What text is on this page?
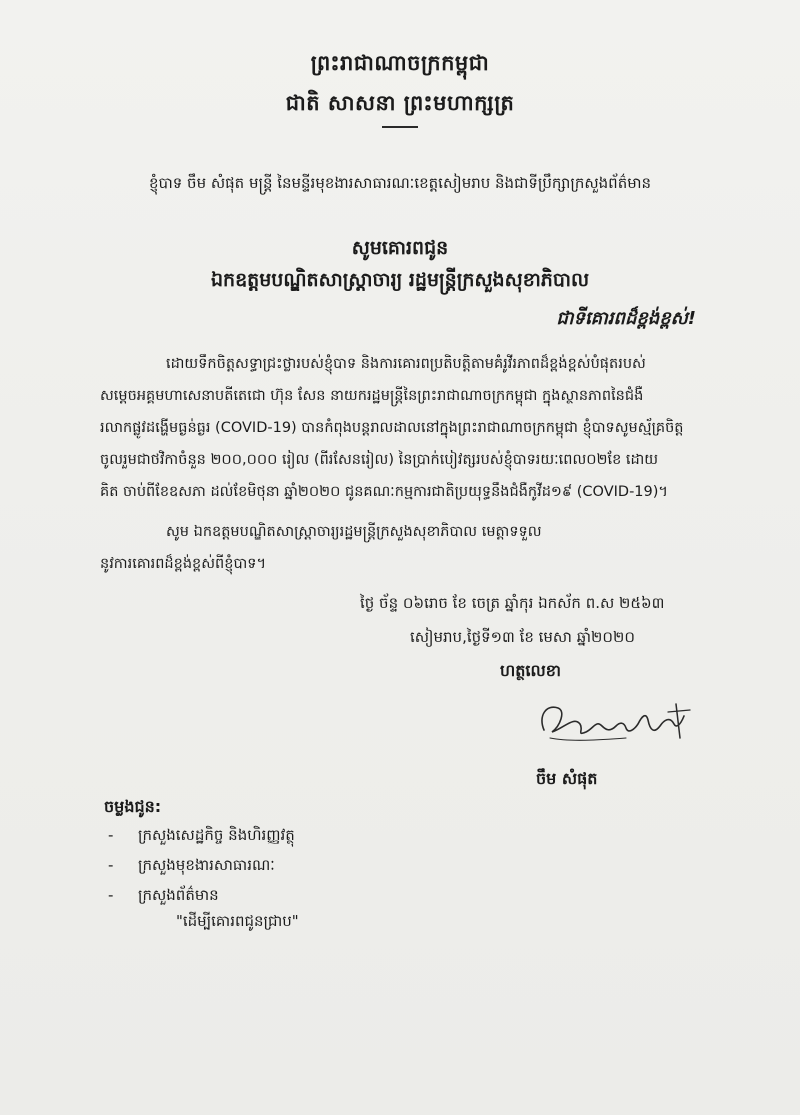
ព្រះរាជាណាចក្រកម្ពុជា
ជាតិ សាសនា ព្រះមហាក្សត្រ
ខ្ញុំបាទ ចឹម សំផុត មន្ត្រី នៃមន្ទីរមុខងារសាធារណៈខេត្តសៀមរាប និងជាទីប្រឹក្សាក្រសួងព័ត៌មាន
សូមគោរពជូន
ឯកឧត្តមបណ្ឌិតសាស្ត្រាចារ្យ រដ្ឋមន្ត្រីក្រសួងសុខាភិបាល
ជាទីគោរពដ៏ខ្ពង់ខ្ពស់!
ដោយទឹកចិត្តសទ្ធាជ្រះថ្លារបស់ខ្ញុំបាទ និងការគោរពប្រតិបត្តិតាមគំរូវីរភាពដ៏ខ្ពង់ខ្ពស់បំផុតរបស់
សម្តេចអគ្គមហាសេនាបតីតេជោ ហ៊ុន សែន នាយករដ្ឋមន្ត្រីនៃព្រះរាជាណាចក្រកម្ពុជា ក្នុងស្ថានភាពនៃជំងឺ
រលាកផ្លូវដង្ហើមធ្ងន់ធ្ងរ (COVID-19) បានកំពុងបន្តរាលដាលនៅក្នុងព្រះរាជាណាចក្រកម្ពុជា ខ្ញុំបាទសូមស្ម័គ្រចិត្ត
ចូលរួមជាថវិកាចំនួន ២០០,០០០ រៀល (ពីរសែនរៀល) នៃប្រាក់បៀវត្សរបស់ខ្ញុំបាទរយៈពេល០២ខែ ដោយ
គិត ចាប់ពីខែឧសភា ដល់ខែមិថុនា ឆ្នាំ២០២០ ជូនគណៈកម្មការជាតិប្រយុទ្ធនឹងជំងឺកូវីដ១៩ (COVID-19)។
សូម ឯកឧត្តមបណ្ឌិតសាស្ត្រាចារ្យរដ្ឋមន្ត្រីក្រសួងសុខាភិបាល មេត្តាទទួល
នូវការគោរពដ៏ខ្ពង់ខ្ពស់ពីខ្ញុំបាទ។
ថ្ងៃ ច័ន្ទ ០៦រោច ខែ ចេត្រ ឆ្នាំកុរ ឯកស័ក ព.ស ២៥៦៣
សៀមរាប,ថ្ងៃទី១៣ ខែ មេសា ឆ្នាំ២០២០
ហត្ថលេខា
ចឹម សំផុត
ចម្លងជូន:
- ក្រសួងសេដ្ឋកិច្ច និងហិរញ្ញវត្ថុ
- ក្រសួងមុខងារសាធារណៈ
- ក្រសួងព័ត៌មាន
"ដើម្បីគោរពជូនជ្រាប"
